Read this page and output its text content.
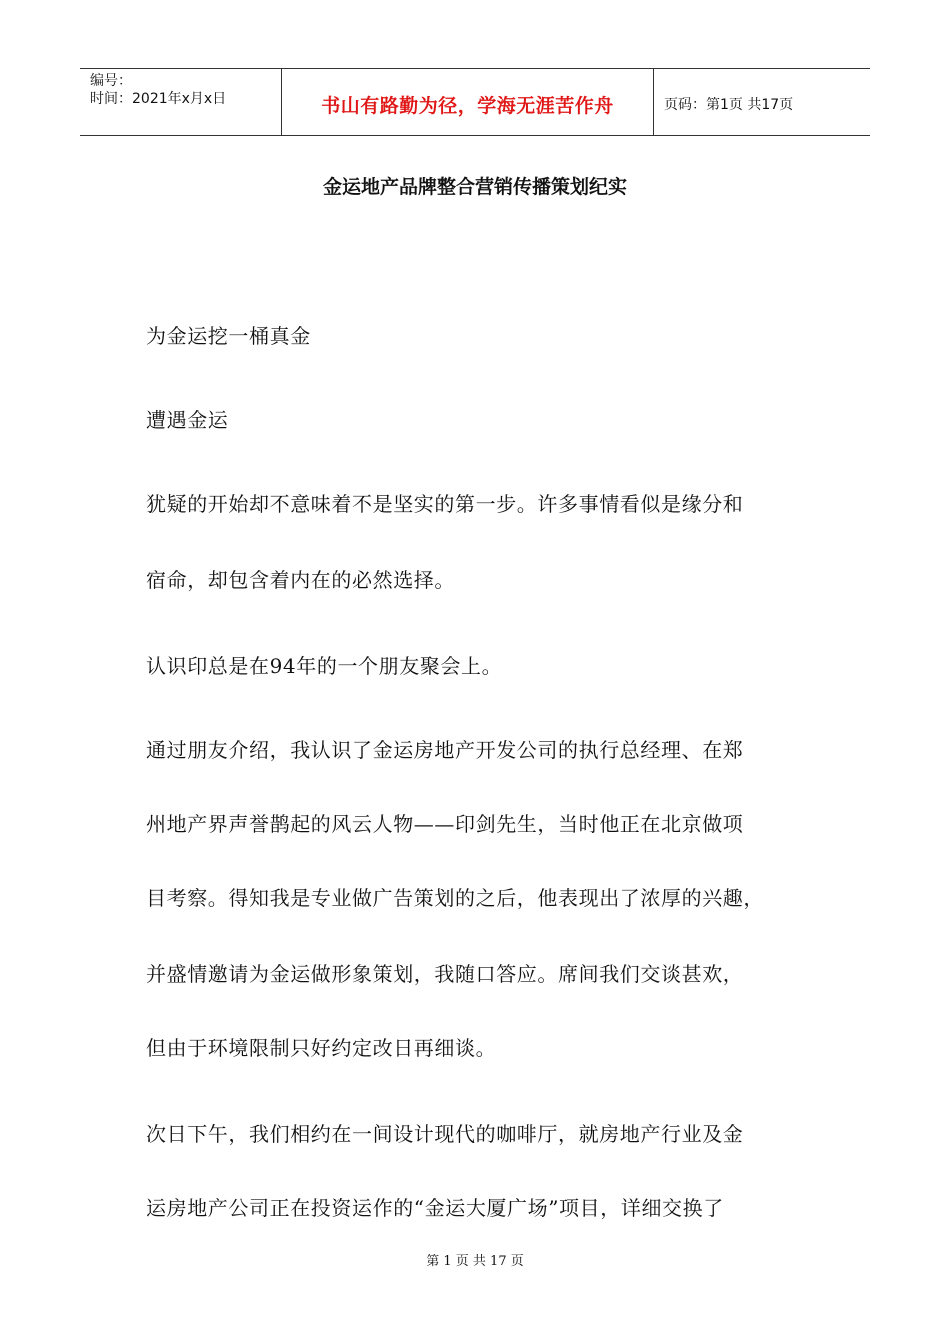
编号：
时间：2021年x月x日	书山有路勤为径，学海无涯苦作舟	页码：第1页 共17页
金运地产品牌整合营销传播策划纪实
为金运挖一桶真金
遭遇金运
犹疑的开始却不意味着不是坚实的第一步。许多事情看似是缘分和
宿命，却包含着内在的必然选择。
认识印总是在94年的一个朋友聚会上。
通过朋友介绍，我认识了金运房地产开发公司的执行总经理、在郑
州地产界声誉鹊起的风云人物——印剑先生，当时他正在北京做项
目考察。得知我是专业做广告策划的之后，他表现出了浓厚的兴趣，
并盛情邀请为金运做形象策划，我随口答应。席间我们交谈甚欢，
但由于环境限制只好约定改日再细谈。
次日下午，我们相约在一间设计现代的咖啡厅，就房地产行业及金
运房地产公司正在投资运作的“金运大厦广场”项目，详细交换了
第 1 页 共 17 页
